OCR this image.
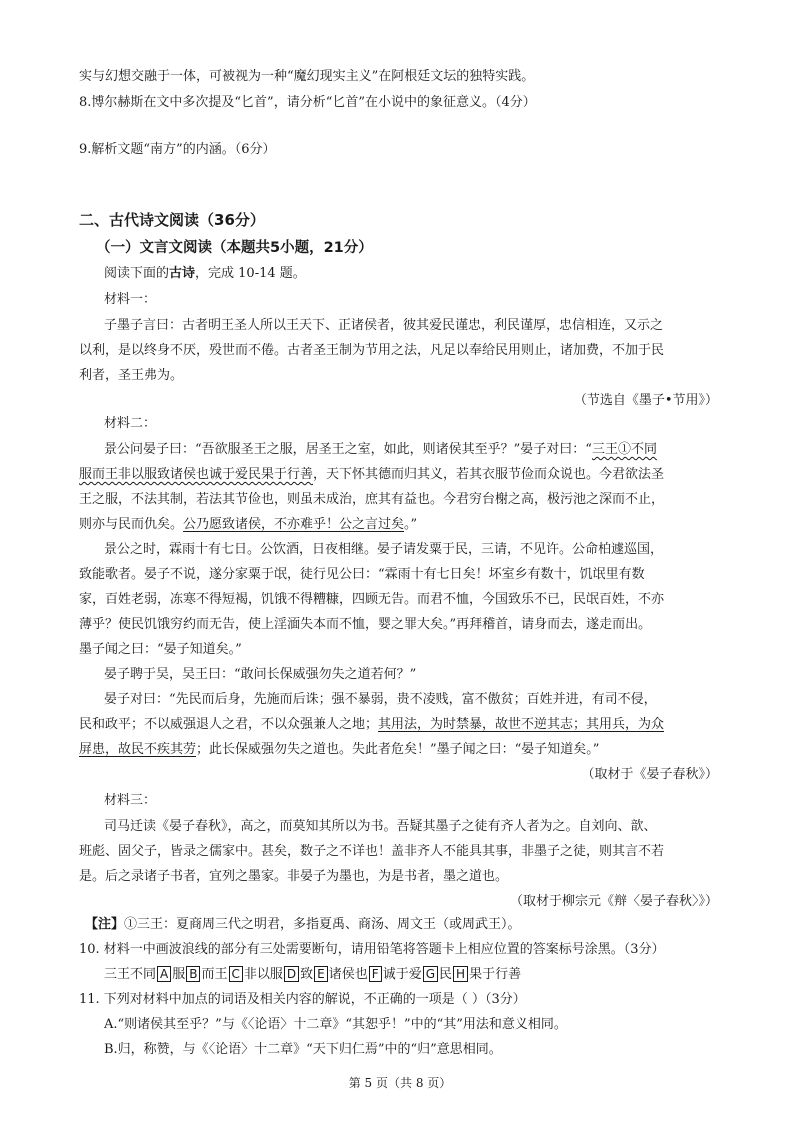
实与幻想交融于一体，可被视为一种“魔幻现实主义”在阿根廷文坛的独特实践。
8.博尔赫斯在文中多次提及“匕首”，请分析“匕首”在小说中的象征意义。（4分）
9.解析文题“南方”的内涵。（6分）
二、古代诗文阅读（36分）
（一）文言文阅读（本题共5小题，21分）
阅读下面的古诗，完成 10-14 题。
材料一：
子墨子言曰：古者明王圣人所以王天下、正诸侯者，彼其爱民谨忠，利民谨厚，忠信相连，又示之
以利，是以终身不厌，殁世而不倦。古者圣王制为节用之法，凡足以奉给民用则止，诸加费，不加于民
利者，圣王弗为。
（节选自《墨子•节用》）
材料二：
景公问晏子曰：“吾欲服圣王之服，居圣王之室，如此，则诸侯其至乎？”晏子对曰：“三王①不同
服而王非以服致诸侯也诚于爱民果于行善，天下怀其德而归其义，若其衣服节俭而众说也。今君欲法圣
王之服，不法其制，若法其节俭也，则虽未成治，庶其有益也。今君穷台榭之高，极污池之深而不止，
则亦与民而仇矣。公乃愿致诸侯，不亦难乎！公之言过矣。”
景公之时，霖雨十有七日。公饮酒，日夜相继。晏子请发粟于民，三请，不见许。公命柏遽巡国，
致能歌者。晏子不说，遂分家粟于氓，徒行见公曰：“霖雨十有七日矣！坏室乡有数十，饥氓里有数
家，百姓老弱，冻寒不得短褐，饥饿不得糟糠，四顾无告。而君不恤，今国致乐不已，民氓百姓，不亦
薄乎？使民饥饿穷约而无告，使上淫湎失本而不恤，婴之罪大矣。”再拜稽首，请身而去，遂走而出。
墨子闻之曰：“晏子知道矣。”
晏子聘于吴，吴王曰：“敢问长保威强勿失之道若何？”
晏子对曰：“先民而后身，先施而后诛；强不暴弱，贵不凌贱，富不傲贫；百姓并进，有司不侵，
民和政平；不以威强退人之君，不以众强兼人之地；其用法，为时禁暴，故世不逆其志；其用兵，为众
屏患，故民不疾其劳；此长保威强勿失之道也。失此者危矣！”墨子闻之曰：“晏子知道矣。”
（取材于《晏子春秋》）
材料三：
司马迁读《晏子春秋》，高之，而莫知其所以为书。吾疑其墨子之徒有齐人者为之。自刘向、歆、
班彪、固父子，皆录之儒家中。甚矣，数子之不详也！盖非齐人不能具其事，非墨子之徒，则其言不若
是。后之录诸子书者，宜列之墨家。非晏子为墨也，为是书者，墨之道也。
（取材于柳宗元《辩〈晏子春秋〉》）
【注】①三王：夏商周三代之明君，多指夏禹、商汤、周文王（或周武王）。
10. 材料一中画波浪线的部分有三处需要断句，请用铅笔将答题卡上相应位置的答案标号涂黑。（3分）
三王不同 A 服 B 而王 C 非以服 D 致 E 诸侯也 F 诚于爱 G 民 H 果于行善
11. 下列对材料中加点的词语及相关内容的解说，不正确的一项是（ ）（3分）
A.“则诸侯其至乎？”与《〈论语〉十二章》“其恕乎！”中的“其”用法和意义相同。
B.归，称赞，与《〈论语〉十二章》“天下归仁焉”中的“归”意思相同。
第 5 页（共 8 页）
